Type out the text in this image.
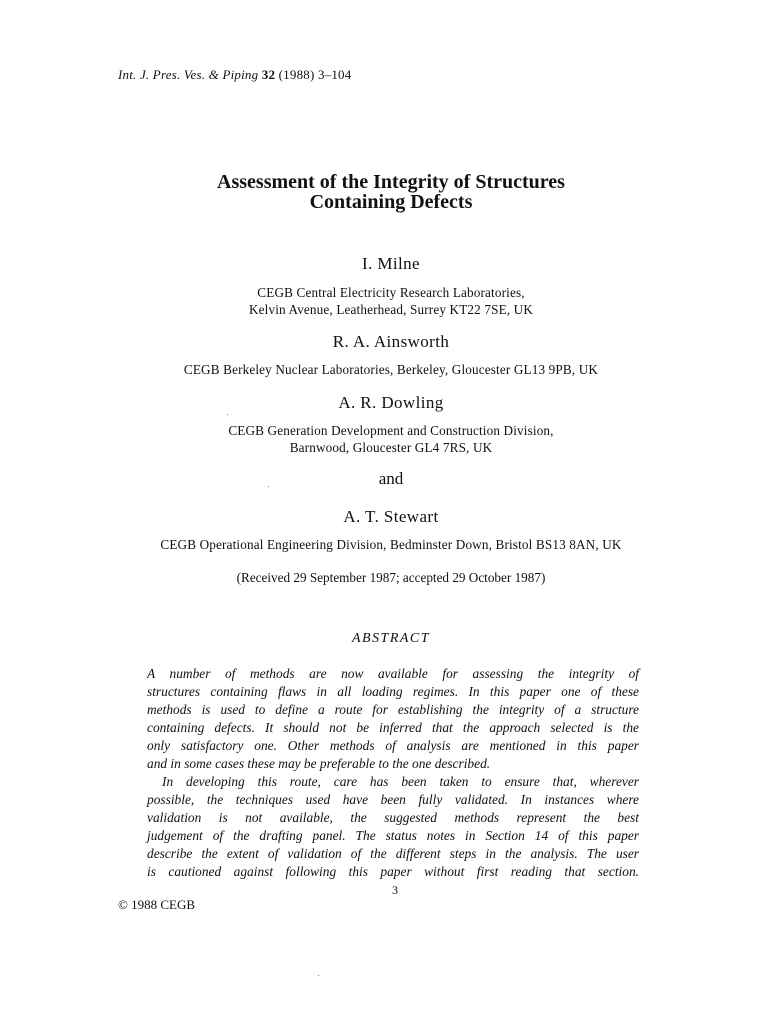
Int. J. Pres. Ves. & Piping 32 (1988) 3–104
Assessment of the Integrity of Structures
Containing Defects
I. Milne
CEGB Central Electricity Research Laboratories,
Kelvin Avenue, Leatherhead, Surrey KT22 7SE, UK
R. A. Ainsworth
CEGB Berkeley Nuclear Laboratories, Berkeley, Gloucester GL13 9PB, UK
A. R. Dowling
CEGB Generation Development and Construction Division,
Barnwood, Gloucester GL4 7RS, UK
and
A. T. Stewart
CEGB Operational Engineering Division, Bedminster Down, Bristol BS13 8AN, UK
(Received 29 September 1987; accepted 29 October 1987)
ABSTRACT
A number of methods are now available for assessing the integrity of
structures containing flaws in all loading regimes. In this paper one of these
methods is used to define a route for establishing the integrity of a structure
containing defects. It should not be inferred that the approach selected is the
only satisfactory one. Other methods of analysis are mentioned in this paper
and in some cases these may be preferable to the one described.
In developing this route, care has been taken to ensure that, wherever
possible, the techniques used have been fully validated. In instances where
validation is not available, the suggested methods represent the best
judgement of the drafting panel. The status notes in Section 14 of this paper
describe the extent of validation of the different steps in the analysis. The user
is cautioned against following this paper without first reading that section.
3
© 1988 CEGB
